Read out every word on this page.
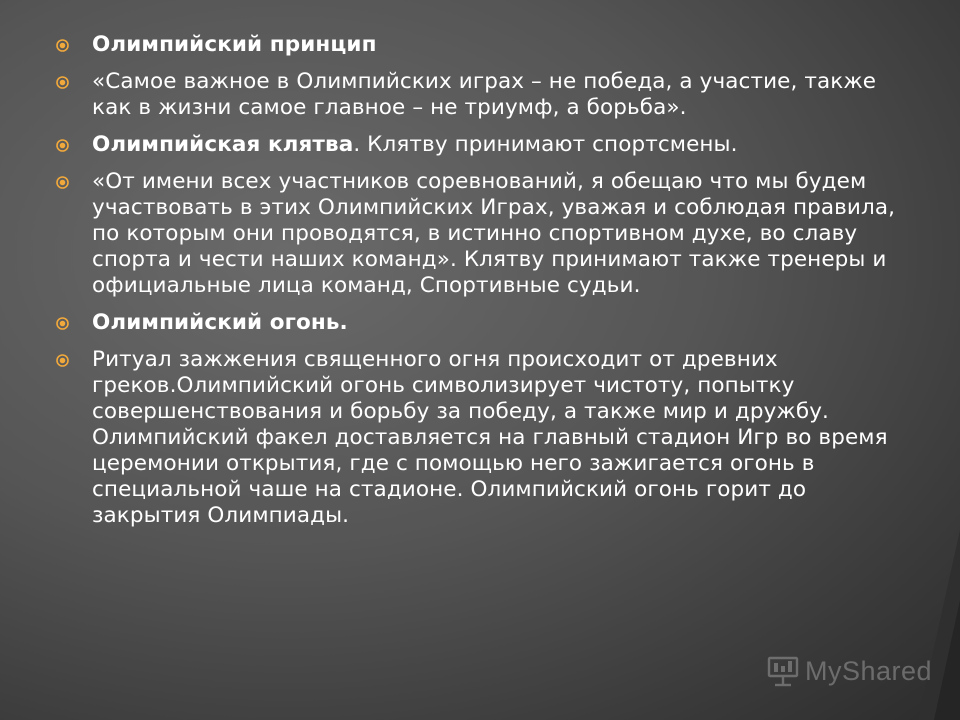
Олимпийский принцип
«Самое важное в Олимпийских играх – не победа, а участие, также как в жизни самое главное – не триумф, а борьба».
Олимпийская клятва. Клятву принимают спортсмены.
«От имени всех участников соревнований, я обещаю что мы будем участвовать в этих Олимпийских Играх, уважая и соблюдая правила, по которым они проводятся, в истинно спортивном духе, во славу спорта и чести наших команд». Клятву принимают также тренеры и официальные лица команд, Спортивные судьи.
Олимпийский огонь.
Ритуал зажжения священного огня происходит от древних греков.Олимпийский огонь символизирует чистоту, попытку совершенствования и борьбу за победу, а также мир и дружбу. Олимпийский факел доставляется на главный стадион Игр во время церемонии открытия, где с помощью него зажигается огонь в специальной чаше на стадионе. Олимпийский огонь горит до закрытия Олимпиады.
MyShared
